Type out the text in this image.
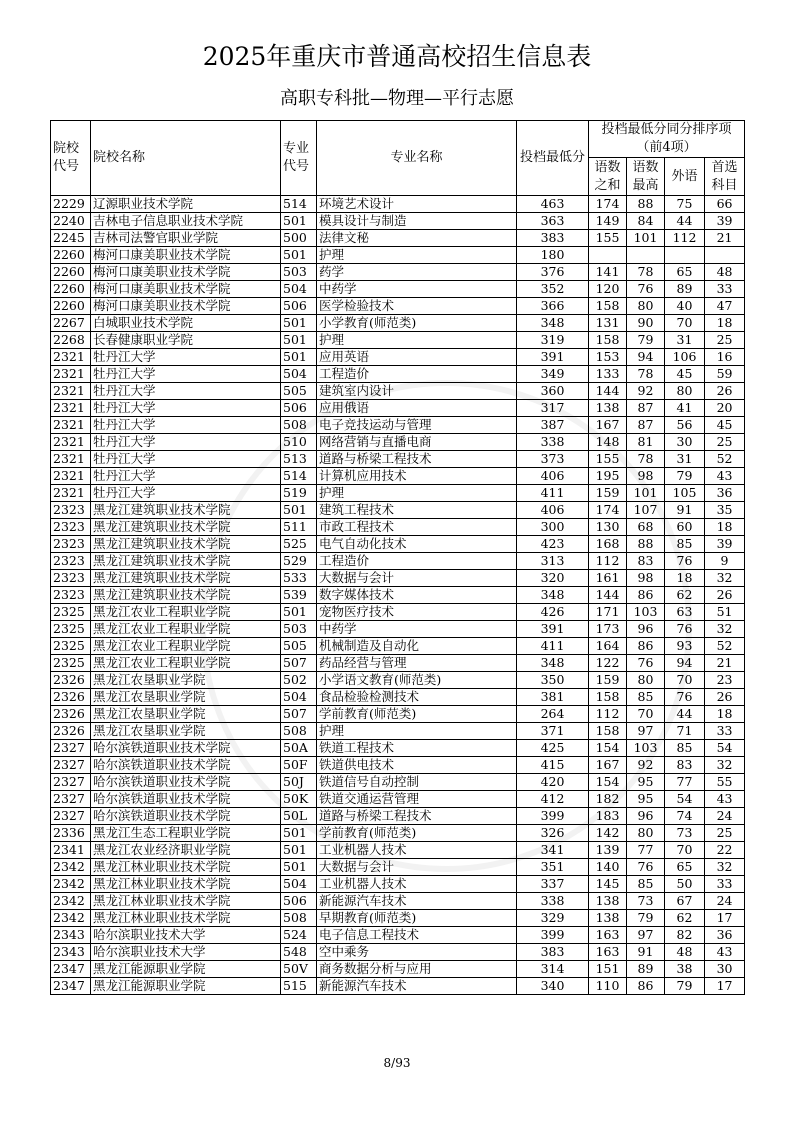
2025年重庆市普通高校招生信息表
高职专科批—物理—平行志愿
院校代号	院校名称	专业代号	专业名称	投档最低分	投档最低分同分排序项（前4项）			
					语数之和	语数最高	外语	首选科目
2229	辽源职业技术学院	514	环境艺术设计	463	174	88	75	66
2240	吉林电子信息职业技术学院	501	模具设计与制造	363	149	84	44	39
2245	吉林司法警官职业学院	500	法律文秘	383	155	101	112	21
2260	梅河口康美职业技术学院	501	护理	180				
2260	梅河口康美职业技术学院	503	药学	376	141	78	65	48
2260	梅河口康美职业技术学院	504	中药学	352	120	76	89	33
2260	梅河口康美职业技术学院	506	医学检验技术	366	158	80	40	47
2267	白城职业技术学院	501	小学教育(师范类)	348	131	90	70	18
2268	长春健康职业学院	501	护理	319	158	79	31	25
2321	牡丹江大学	501	应用英语	391	153	94	106	16
2321	牡丹江大学	504	工程造价	349	133	78	45	59
2321	牡丹江大学	505	建筑室内设计	360	144	92	80	26
2321	牡丹江大学	506	应用俄语	317	138	87	41	20
2321	牡丹江大学	508	电子竞技运动与管理	387	167	87	56	45
2321	牡丹江大学	510	网络营销与直播电商	338	148	81	30	25
2321	牡丹江大学	513	道路与桥梁工程技术	373	155	78	31	52
2321	牡丹江大学	514	计算机应用技术	406	195	98	79	43
2321	牡丹江大学	519	护理	411	159	101	105	36
2323	黑龙江建筑职业技术学院	501	建筑工程技术	406	174	107	91	35
2323	黑龙江建筑职业技术学院	511	市政工程技术	300	130	68	60	18
2323	黑龙江建筑职业技术学院	525	电气自动化技术	423	168	88	85	39
2323	黑龙江建筑职业技术学院	529	工程造价	313	112	83	76	9
2323	黑龙江建筑职业技术学院	533	大数据与会计	320	161	98	18	32
2323	黑龙江建筑职业技术学院	539	数字媒体技术	348	144	86	62	26
2325	黑龙江农业工程职业学院	501	宠物医疗技术	426	171	103	63	51
2325	黑龙江农业工程职业学院	503	中药学	391	173	96	76	32
2325	黑龙江农业工程职业学院	505	机械制造及自动化	411	164	86	93	52
2325	黑龙江农业工程职业学院	507	药品经营与管理	348	122	76	94	21
2326	黑龙江农垦职业学院	502	小学语文教育(师范类)	350	159	80	70	23
2326	黑龙江农垦职业学院	504	食品检验检测技术	381	158	85	76	26
2326	黑龙江农垦职业学院	507	学前教育(师范类)	264	112	70	44	18
2326	黑龙江农垦职业学院	508	护理	371	158	97	71	33
2327	哈尔滨铁道职业技术学院	50A	铁道工程技术	425	154	103	85	54
2327	哈尔滨铁道职业技术学院	50F	铁道供电技术	415	167	92	83	32
2327	哈尔滨铁道职业技术学院	50J	铁道信号自动控制	420	154	95	77	55
2327	哈尔滨铁道职业技术学院	50K	铁道交通运营管理	412	182	95	54	43
2327	哈尔滨铁道职业技术学院	50L	道路与桥梁工程技术	399	183	96	74	24
2336	黑龙江生态工程职业学院	501	学前教育(师范类)	326	142	80	73	25
2341	黑龙江农业经济职业学院	501	工业机器人技术	341	139	77	70	22
2342	黑龙江林业职业技术学院	501	大数据与会计	351	140	76	65	32
2342	黑龙江林业职业技术学院	504	工业机器人技术	337	145	85	50	33
2342	黑龙江林业职业技术学院	506	新能源汽车技术	338	138	73	67	24
2342	黑龙江林业职业技术学院	508	早期教育(师范类)	329	138	79	62	17
2343	哈尔滨职业技术大学	524	电子信息工程技术	399	163	97	82	36
2343	哈尔滨职业技术大学	548	空中乘务	383	163	91	48	43
2347	黑龙江能源职业学院	50V	商务数据分析与应用	314	151	89	38	30
2347	黑龙江能源职业学院	515	新能源汽车技术	340	110	86	79	17
8/93
